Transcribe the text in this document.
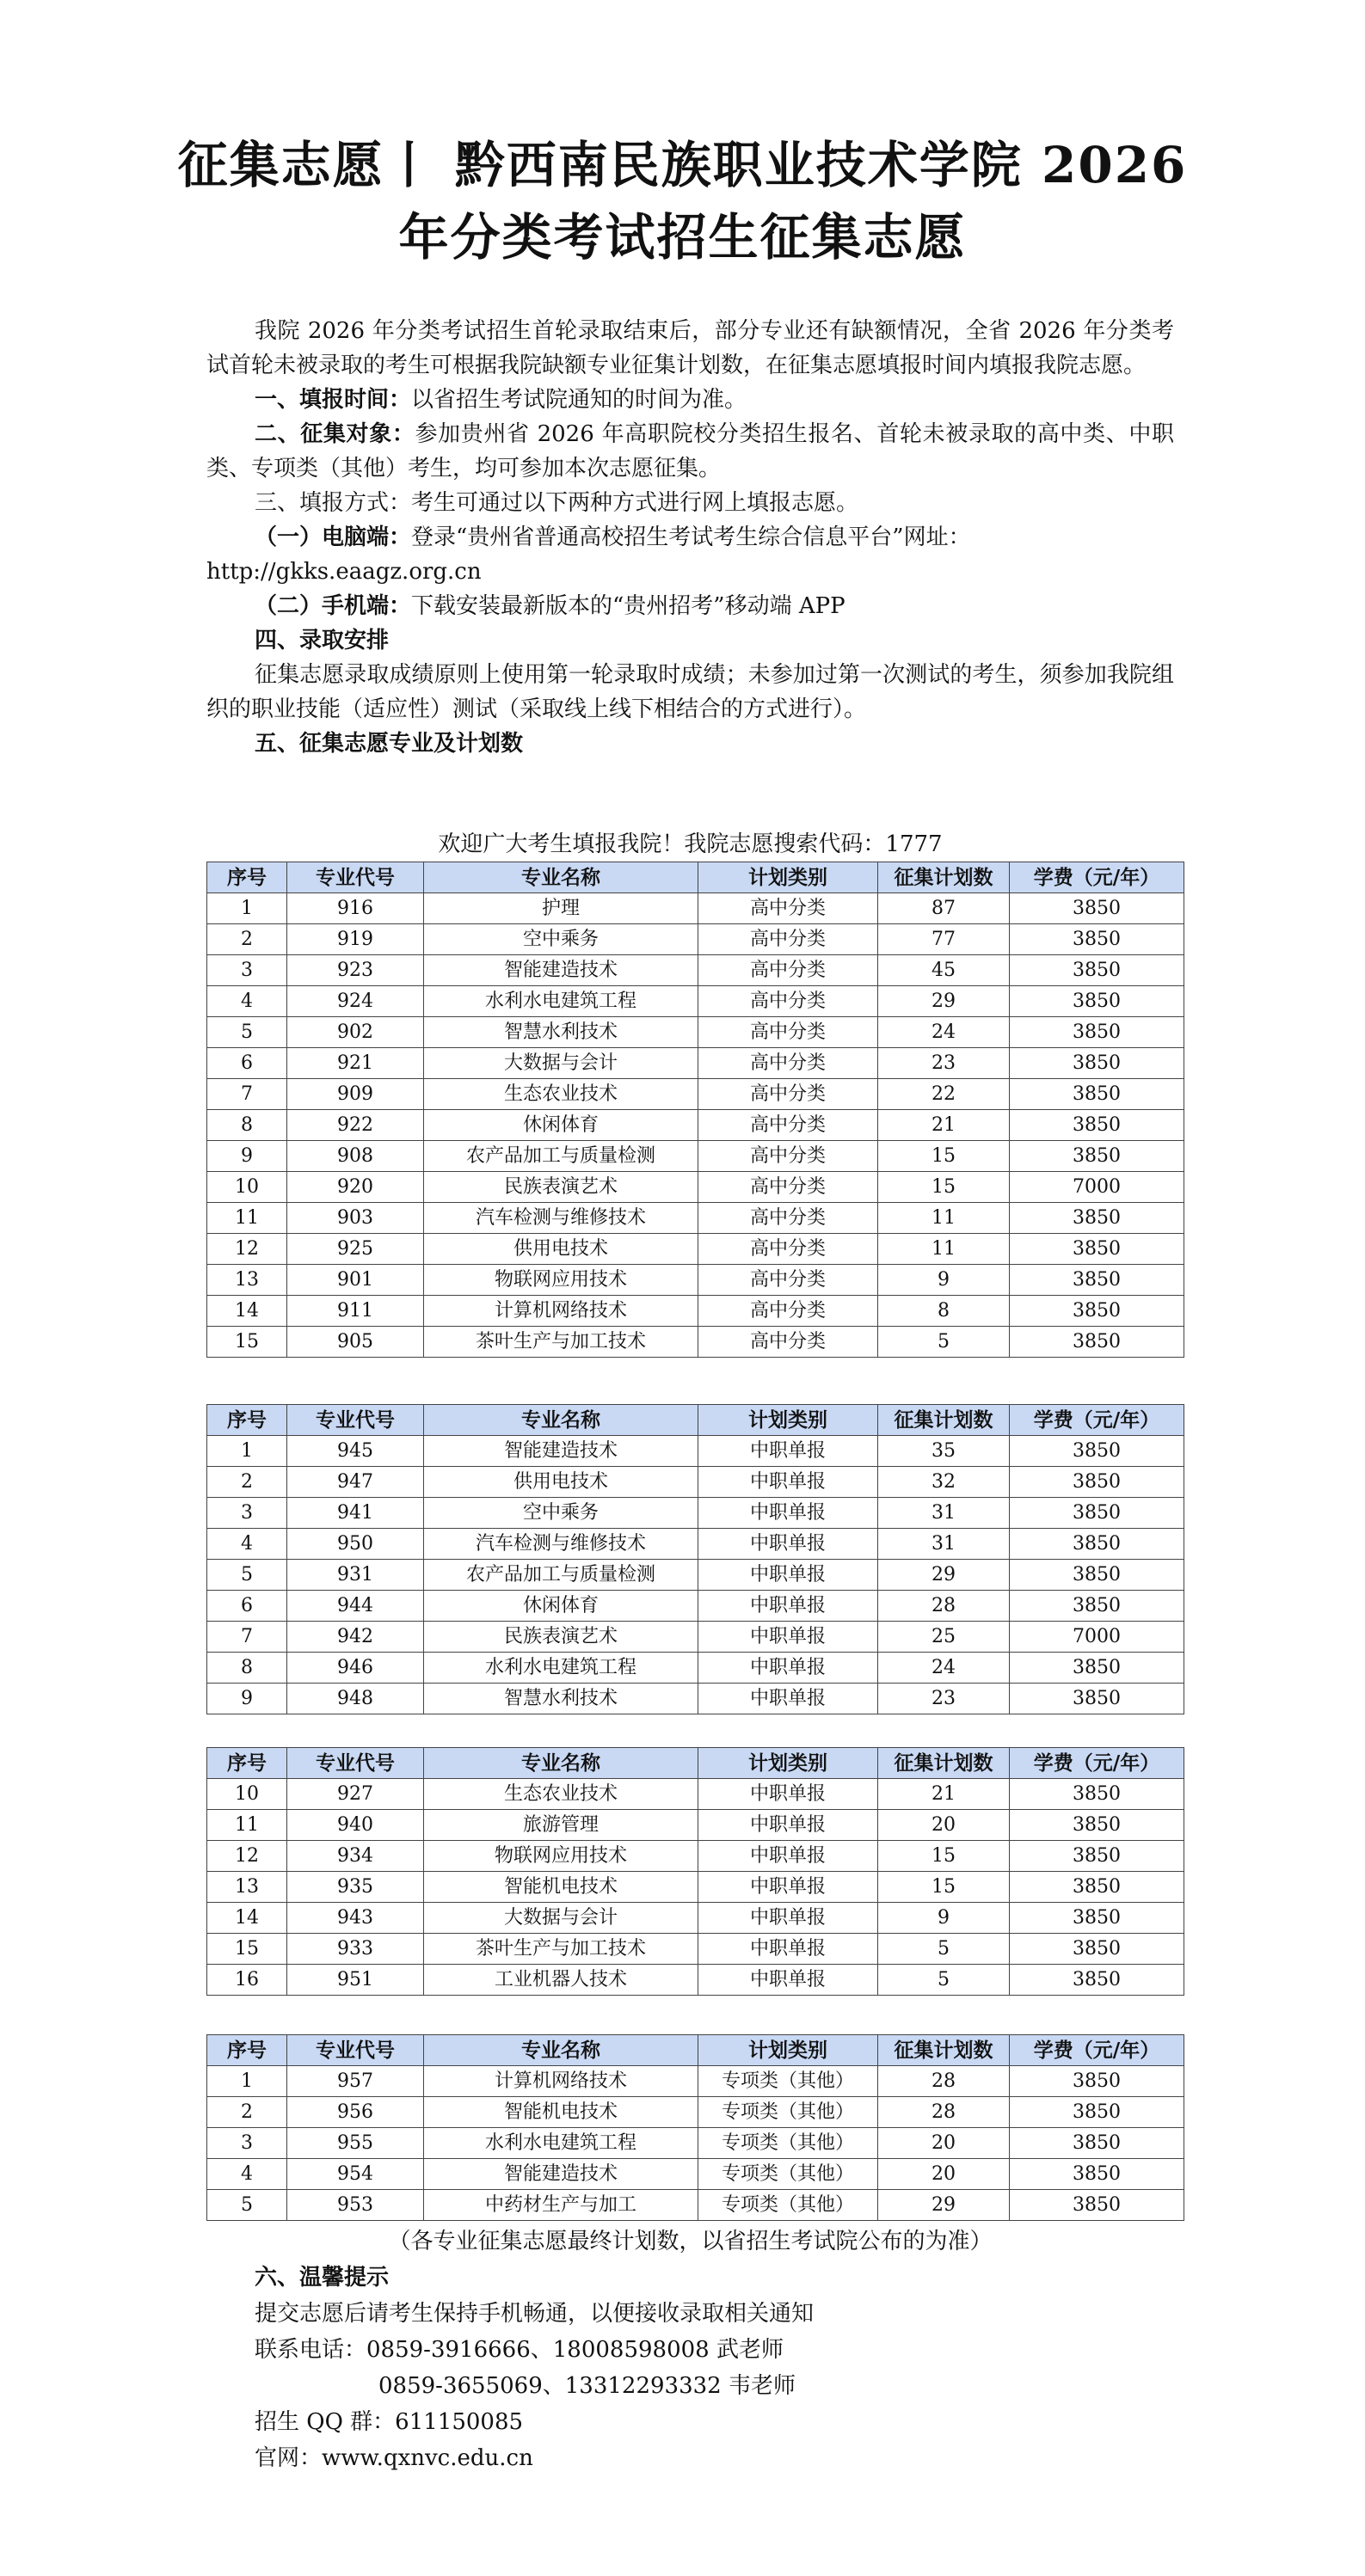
征集志愿丨 黔西南民族职业技术学院 2026
年分类考试招生征集志愿

我院 2026 年分类考试招生首轮录取结束后，部分专业还有缺额情况，全省 2026 年分类考试首轮未被录取的考生可根据我院缺额专业征集计划数，在征集志愿填报时间内填报我院志愿。

一、填报时间：以省招生考试院通知的时间为准。

二、征集对象：参加贵州省 2026 年高职院校分类招生报名、首轮未被录取的高中类、中职类、专项类（其他）考生，均可参加本次志愿征集。

三、填报方式：考生可通过以下两种方式进行网上填报志愿。

（一）电脑端：登录“贵州省普通高校招生考试考生综合信息平台”网址：

http://gkks.eaagz.org.cn

（二）手机端：下载安装最新版本的“贵州招考”移动端 APP

四、录取安排

征集志愿录取成绩原则上使用第一轮录取时成绩；未参加过第一次测试的考生，须参加我院组织的职业技能（适应性）测试（采取线上线下相结合的方式进行）。

五、征集志愿专业及计划数

欢迎广大考生填报我院！我院志愿搜索代码：1777
序号	专业代号	专业名称	计划类别	征集计划数	学费（元/年）
1	916	护理	高中分类	87	3850
2	919	空中乘务	高中分类	77	3850
3	923	智能建造技术	高中分类	45	3850
4	924	水利水电建筑工程	高中分类	29	3850
5	902	智慧水利技术	高中分类	24	3850
6	921	大数据与会计	高中分类	23	3850
7	909	生态农业技术	高中分类	22	3850
8	922	休闲体育	高中分类	21	3850
9	908	农产品加工与质量检测	高中分类	15	3850
10	920	民族表演艺术	高中分类	15	7000
11	903	汽车检测与维修技术	高中分类	11	3850
12	925	供用电技术	高中分类	11	3850
13	901	物联网应用技术	高中分类	9	3850
14	911	计算机网络技术	高中分类	8	3850
15	905	茶叶生产与加工技术	高中分类	5	3850
序号	专业代号	专业名称	计划类别	征集计划数	学费（元/年）
1	945	智能建造技术	中职单报	35	3850
2	947	供用电技术	中职单报	32	3850
3	941	空中乘务	中职单报	31	3850
4	950	汽车检测与维修技术	中职单报	31	3850
5	931	农产品加工与质量检测	中职单报	29	3850
6	944	休闲体育	中职单报	28	3850
7	942	民族表演艺术	中职单报	25	7000
8	946	水利水电建筑工程	中职单报	24	3850
9	948	智慧水利技术	中职单报	23	3850
序号	专业代号	专业名称	计划类别	征集计划数	学费（元/年）
10	927	生态农业技术	中职单报	21	3850
11	940	旅游管理	中职单报	20	3850
12	934	物联网应用技术	中职单报	15	3850
13	935	智能机电技术	中职单报	15	3850
14	943	大数据与会计	中职单报	9	3850
15	933	茶叶生产与加工技术	中职单报	5	3850
16	951	工业机器人技术	中职单报	5	3850
序号	专业代号	专业名称	计划类别	征集计划数	学费（元/年）
1	957	计算机网络技术	专项类（其他）	28	3850
2	956	智能机电技术	专项类（其他）	28	3850
3	955	水利水电建筑工程	专项类（其他）	20	3850
4	954	智能建造技术	专项类（其他）	20	3850
5	953	中药材生产与加工	专项类（其他）	29	3850
（各专业征集志愿最终计划数，以省招生考试院公布的为准）

六、温馨提示

提交志愿后请考生保持手机畅通，以便接收录取相关通知

联系电话：0859-3916666、18008598008 武老师

0859-3655069、13312293332 韦老师

招生 QQ 群：611150085

官网：www.qxnvc.edu.cn
